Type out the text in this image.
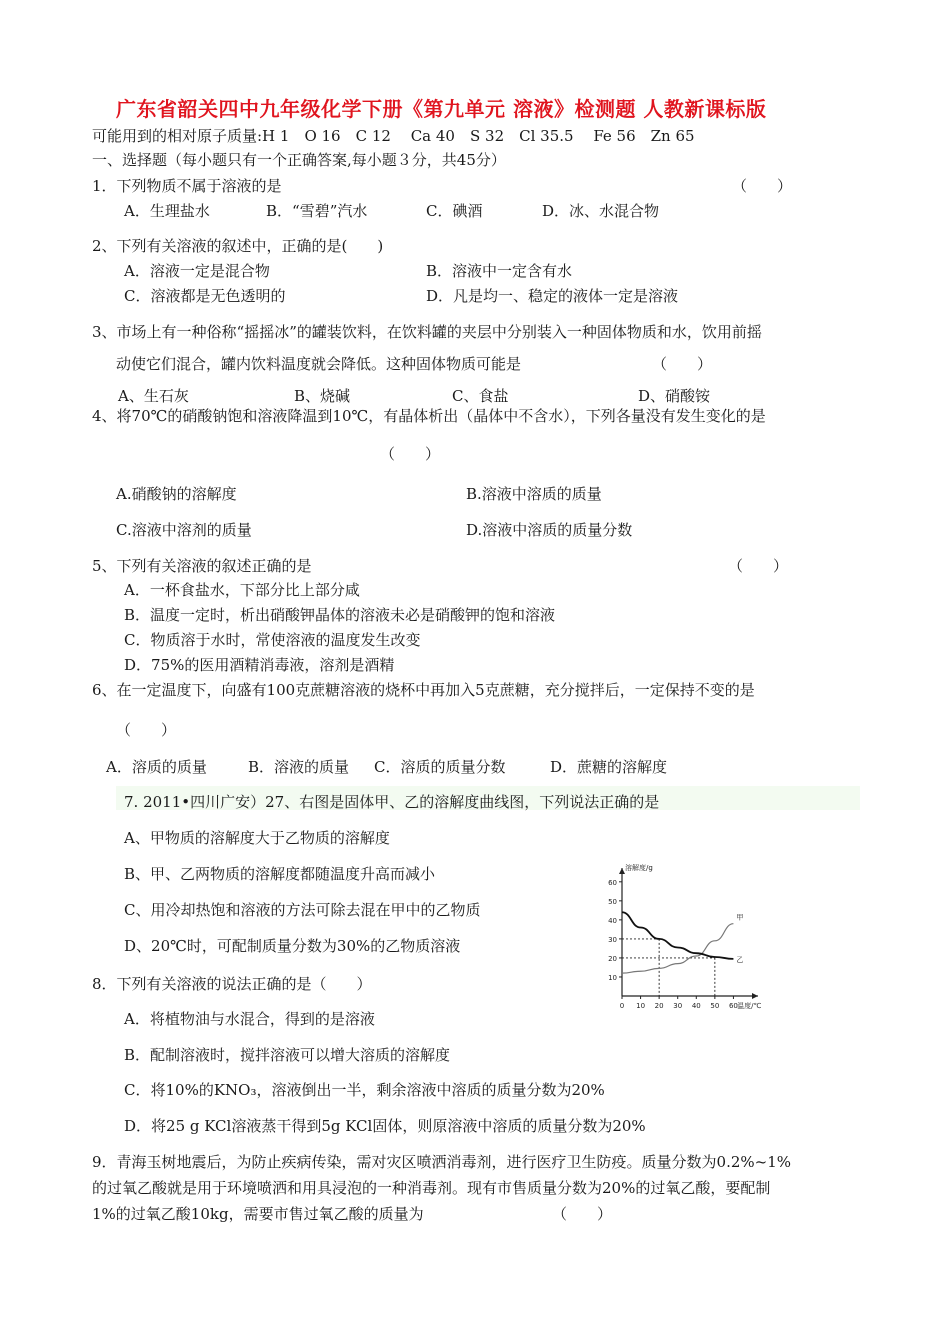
广东省韶关四中九年级化学下册《第九单元 溶液》检测题 人教新课标版
可能用到的相对原子质量:H 1　O 16　C 12　 Ca 40　S 32　Cl 35.5　 Fe 56　Zn 65
一、选择题（每小题只有一个正确答案,每小题３分，共45分）
1．下列物质不属于溶液的是	（　　）
A．生理盐水	B．“雪碧”汽水	C．碘酒	D．冰、水混合物
2、下列有关溶液的叙述中，正确的是(　　)
A．溶液一定是混合物	B．溶液中一定含有水
C．溶液都是无色透明的	D．凡是均一、稳定的液体一定是溶液
3、市场上有一种俗称“摇摇冰”的罐装饮料，在饮料罐的夹层中分别装入一种固体物质和水，饮用前摇
动使它们混合，罐内饮料温度就会降低。这种固体物质可能是	（　　）
A、生石灰	B、烧碱	C、食盐	D、硝酸铵
4、将70℃的硝酸钠饱和溶液降温到10℃，有晶体析出（晶体中不含水），下列各量没有发生变化的是
（　　）
A.硝酸钠的溶解度	B.溶液中溶质的质量
C.溶液中溶剂的质量	D.溶液中溶质的质量分数
5、下列有关溶液的叙述正确的是	（　　）
A．一杯食盐水，下部分比上部分咸
B．温度一定时，析出硝酸钾晶体的溶液未必是硝酸钾的饱和溶液
C．物质溶于水时，常使溶液的温度发生改变
D．75%的医用酒精消毒液，溶剂是酒精
6、在一定温度下，向盛有100克蔗糖溶液的烧杯中再加入5克蔗糖，充分搅拌后，一定保持不变的是
（　　）
A．溶质的质量	B．溶液的质量 C．溶质的质量分数	D．蔗糖的溶解度
7. 2011•四川广安）27、右图是固体甲、乙的溶解度曲线图，下列说法正确的是
A、甲物质的溶解度大于乙物质的溶解度
B、甲、乙两物质的溶解度都随温度升高而减小
C、用冷却热饱和溶液的方法可除去混在甲中的乙物质
D、20℃时，可配制质量分数为30%的乙物质溶液
10
20
30
40
50
60
0 10 20 30 40 50 60
溶解度/g
温度/℃
甲
乙
8．下列有关溶液的说法正确的是（　　）
A．将植物油与水混合，得到的是溶液
B．配制溶液时，搅拌溶液可以增大溶质的溶解度
C．将10%的KNO₃，溶液倒出一半，剩余溶液中溶质的质量分数为20%
D．将25 g KCl溶液蒸干得到5g KCl固体，则原溶液中溶质的质量分数为20%
9．青海玉树地震后，为防止疾病传染，需对灾区喷洒消毒剂，进行医疗卫生防疫。质量分数为0.2%~1%
的过氧乙酸就是用于环境喷洒和用具浸泡的一种消毒剂。现有市售质量分数为20%的过氧乙酸，要配制
1%的过氧乙酸10kg，需要市售过氧乙酸的质量为	（　　）
